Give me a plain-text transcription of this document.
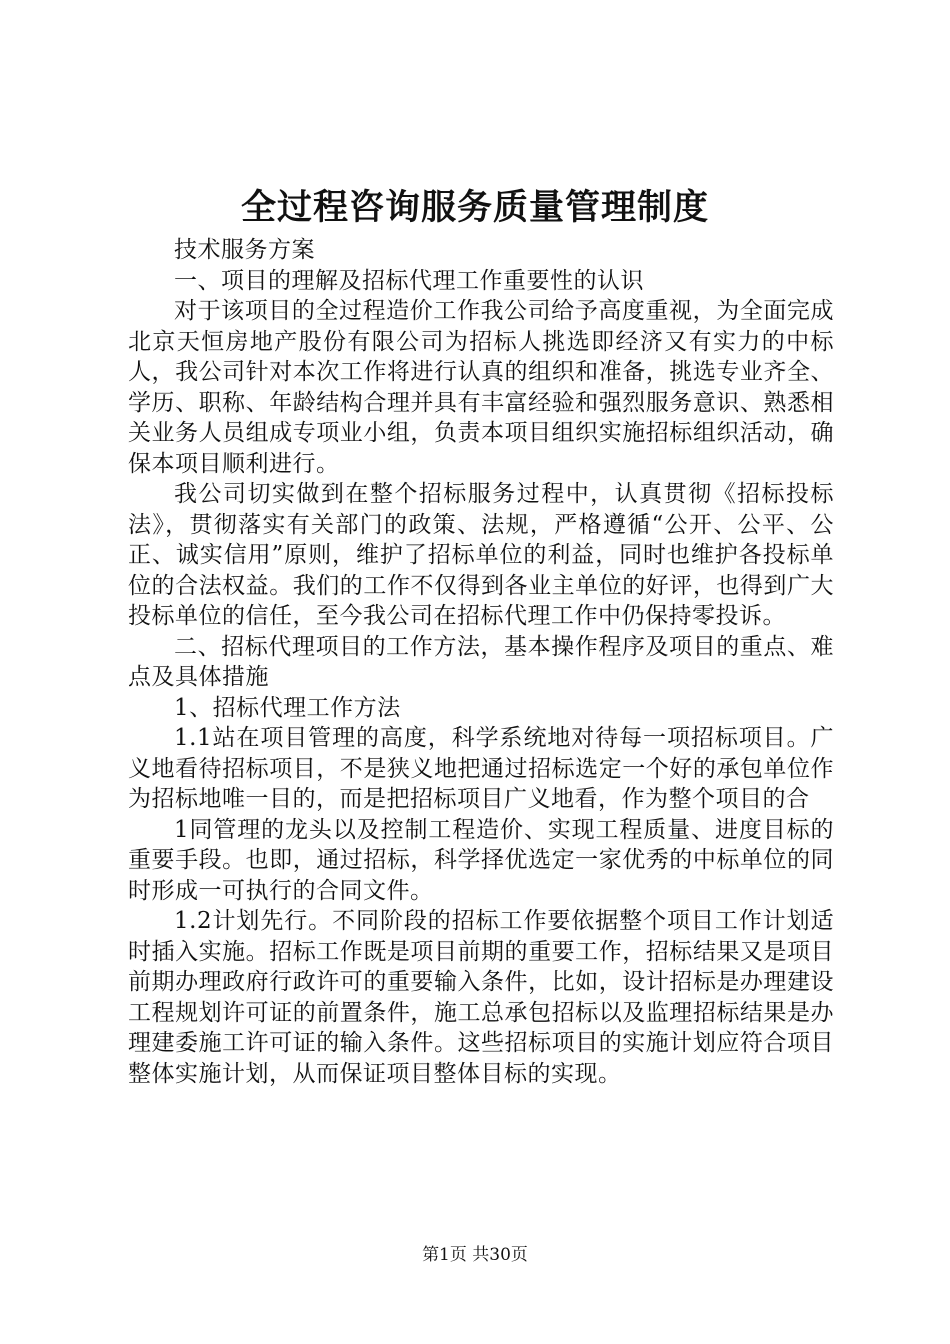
全过程咨询服务质量管理制度

技术服务方案

一、项目的理解及招标代理工作重要性的认识

对于该项目的全过程造价工作我公司给予高度重视，为全面完成北京天恒房地产股份有限公司为招标人挑选即经济又有实力的中标人，我公司针对本次工作将进行认真的组织和准备，挑选专业齐全、学历、职称、年龄结构合理并具有丰富经验和强烈服务意识、熟悉相关业务人员组成专项业小组，负责本项目组织实施招标组织活动，确保本项目顺利进行。

我公司切实做到在整个招标服务过程中，认真贯彻《招标投标法》，贯彻落实有关部门的政策、法规，严格遵循“公开、公平、公正、诚实信用”原则，维护了招标单位的利益，同时也维护各投标单位的合法权益。我们的工作不仅得到各业主单位的好评，也得到广大投标单位的信任，至今我公司在招标代理工作中仍保持零投诉。

二、招标代理项目的工作方法，基本操作程序及项目的重点、难点及具体措施

1、招标代理工作方法

1.1站在项目管理的高度，科学系统地对待每一项招标项目。广义地看待招标项目，不是狭义地把通过招标选定一个好的承包单位作为招标地唯一目的，而是把招标项目广义地看，作为整个项目的合

1同管理的龙头以及控制工程造价、实现工程质量、进度目标的重要手段。也即，通过招标，科学择优选定一家优秀的中标单位的同时形成一可执行的合同文件。

1.2计划先行。不同阶段的招标工作要依据整个项目工作计划适时插入实施。招标工作既是项目前期的重要工作，招标结果又是项目前期办理政府行政许可的重要输入条件，比如，设计招标是办理建设工程规划许可证的前置条件，施工总承包招标以及监理招标结果是办理建委施工许可证的输入条件。这些招标项目的实施计划应符合项目整体实施计划，从而保证项目整体目标的实现。

第1页 共30页
